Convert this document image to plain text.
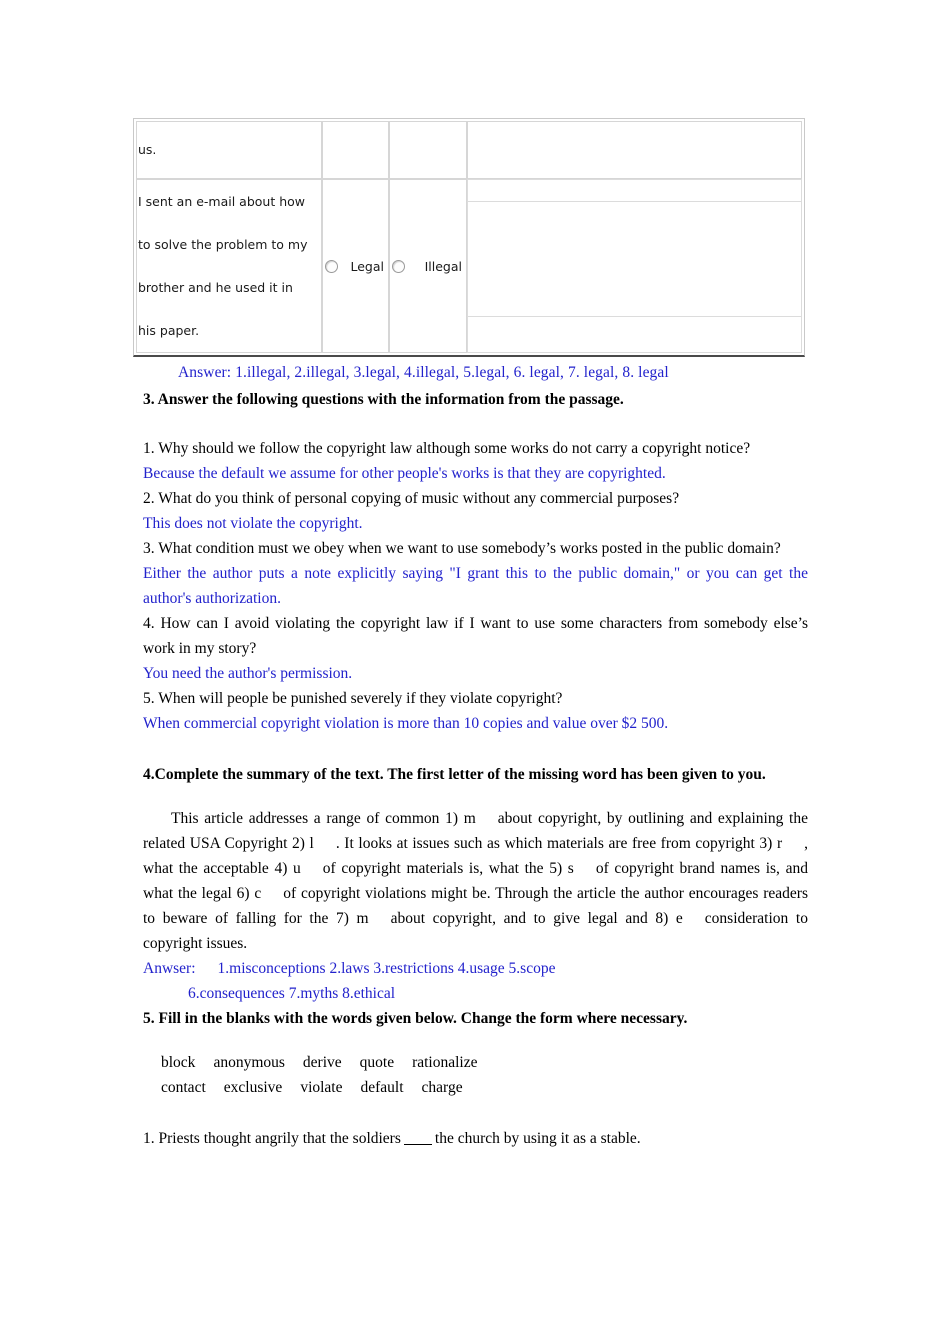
us.			

I sent an e-mail about how
to solve the problem to my
brother and he used it in
his paper.	Legal	Illegal	

Answer: 1.illegal, 2.illegal, 3.legal, 4.illegal, 5.legal, 6. legal, 7. legal, 8. legal
3. Answer the following questions with the information from the passage.

1. Why should we follow the copyright law although some works do not carry a copyright notice?

Because the default we assume for other people's works is that they are copyrighted.

2. What do you think of personal copying of music without any commercial purposes?

This does not violate the copyright.

3. What condition must we obey when we want to use somebody’s works posted in the public domain?

Either the author puts a note explicitly saying "I grant this to the public domain," or you can get the author's authorization.

4. How can I avoid violating the copyright law if I want to use some characters from somebody else’s work in my story?

You need the author's permission.

5. When will people be punished severely if they violate copyright?

When commercial copyright violation is more than 10 copies and value over $2 500.

4.Complete the summary of the text. The first letter of the missing word has been given to you.

This article addresses a range of common 1) m about copyright, by outlining and explaining the related USA Copyright 2) l . It looks at issues such as which materials are free from copyright 3) r , what the acceptable 4) u of copyright materials is, what the 5) s of copyright brand names is, and what the legal 6) c of copyright violations might be. Through the article the author encourages readers to beware of falling for the 7) m about copyright, and to give legal and 8) e consideration to copyright issues.

Anwser: 1.misconceptions 2.laws 3.restrictions 4.usage 5.scope
6.consequences 7.myths 8.ethical

5. Fill in the blanks with the words given below. Change the form where necessary.

block anonymous derive quote rationalize
contact exclusive violate default charge

1. Priests thought angrily that the soldiers the church by using it as a stable.
